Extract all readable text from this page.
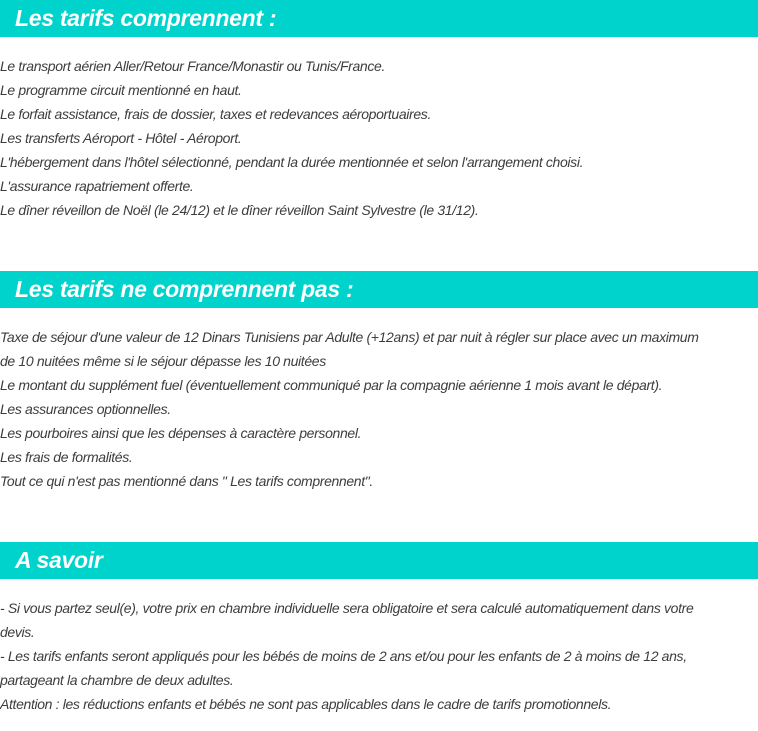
Les tarifs comprennent :

Le transport aérien Aller/Retour France/Monastir ou Tunis/France.

Le programme circuit mentionné en haut.

Le forfait assistance, frais de dossier, taxes et redevances aéroportuaires.

Les transferts Aéroport - Hôtel - Aéroport.

L'hébergement dans l'hôtel sélectionné, pendant la durée mentionnée et selon l'arrangement choisi.

L'assurance rapatriement offerte.

Le dîner réveillon de Noël (le 24/12) et le dîner réveillon Saint Sylvestre (le 31/12).

Les tarifs ne comprennent pas :

Taxe de séjour d'une valeur de 12 Dinars Tunisiens par Adulte (+12ans) et par nuit à régler sur place avec un maximum

de 10 nuitées même si le séjour dépasse les 10 nuitées

Le montant du supplément fuel (éventuellement communiqué par la compagnie aérienne 1 mois avant le départ).

Les assurances optionnelles.

Les pourboires ainsi que les dépenses à caractère personnel.

Les frais de formalités.

Tout ce qui n'est pas mentionné dans " Les tarifs comprennent".

A savoir

- Si vous partez seul(e), votre prix en chambre individuelle sera obligatoire et sera calculé automatiquement dans votre

devis.

- Les tarifs enfants seront appliqués pour les bébés de moins de 2 ans et/ou pour les enfants de 2 à moins de 12 ans,

partageant la chambre de deux adultes.

Attention : les réductions enfants et bébés ne sont pas applicables dans le cadre de tarifs promotionnels.
